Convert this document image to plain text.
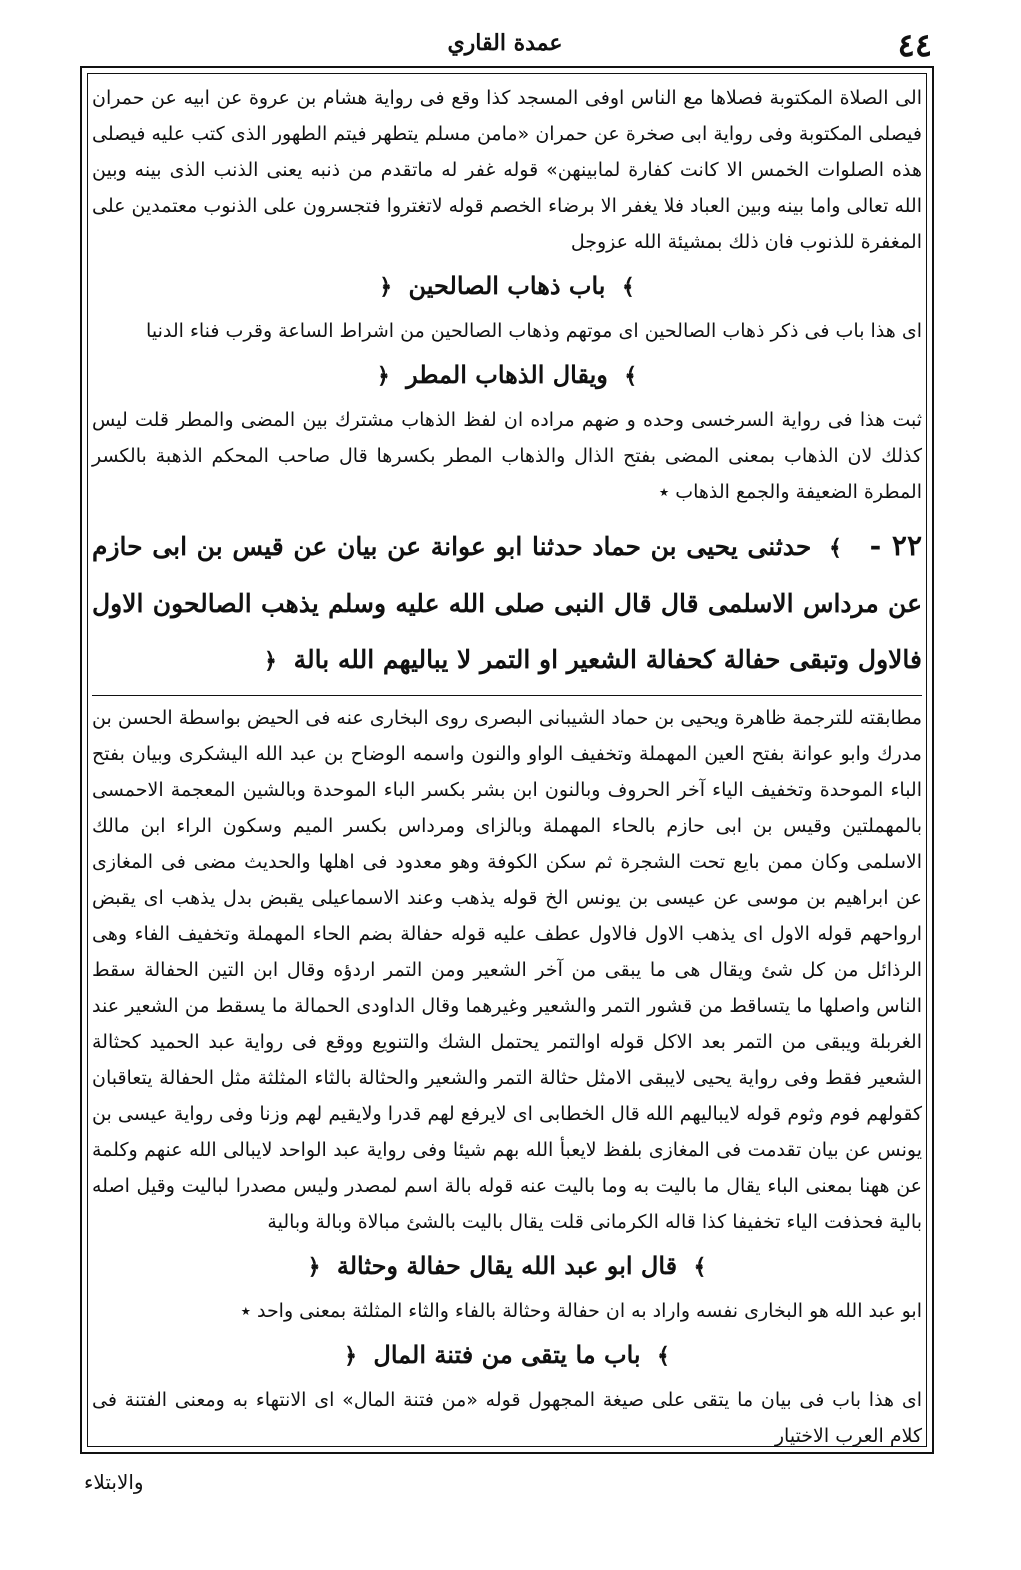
عمدة القاري	٤٤

الى الصلاة المكتوبة فصلاها مع الناس اوفى المسجد كذا وقع فى رواية هشام بن عروة عن ابيه عن حمران فيصلى المكتوبة وفى رواية ابى صخرة عن حمران «مامن مسلم يتطهر فيتم الطهور الذى كتب عليه فيصلى هذه الصلوات الخمس الا كانت كفارة لمابينهن» قوله غفر له ماتقدم من ذنبه يعنى الذنب الذى بينه وبين الله تعالى واما بينه وبين العباد فلا يغفر الا برضاء الخصم قوله لاتغتروا فتجسرون على الذنوب معتمدين على المغفرة للذنوب فان ذلك بمشيئة الله عزوجل

﴾ باب ذهاب الصالحين ﴿

اى هذا باب فى ذكر ذهاب الصالحين اى موتهم وذهاب الصالحين من اشراط الساعة وقرب فناء الدنيا

﴾ ويقال الذهاب المطر ﴿

ثبت هذا فى رواية السرخسى وحده و ضهم مراده ان لفظ الذهاب مشترك بين المضى والمطر قلت ليس كذلك لان الذهاب بمعنى المضى بفتح الذال والذهاب المطر بكسرها قال صاحب المحكم الذهبة بالكسر المطرة الضعيفة والجمع الذهاب ٭

٢٢ - ﴾ حدثنى يحيى بن حماد حدثنا ابو عوانة عن بيان عن قيس بن ابى حازم عن مرداس الاسلمى قال قال النبى صلى الله عليه وسلم يذهب الصالحون الاول فالاول وتبقى حفالة كحفالة الشعير او التمر لا يباليهم الله بالة ﴿

مطابقته للترجمة ظاهرة ويحيى بن حماد الشيبانى البصرى روى البخارى عنه فى الحيض بواسطة الحسن بن مدرك وابو عوانة بفتح العين المهملة وتخفيف الواو والنون واسمه الوضاح بن عبد الله اليشكرى وبيان بفتح الباء الموحدة وتخفيف الياء آخر الحروف وبالنون ابن بشر بكسر الباء الموحدة وبالشين المعجمة الاحمسى بالمهملتين وقيس بن ابى حازم بالحاء المهملة وبالزاى ومرداس بكسر الميم وسكون الراء ابن مالك الاسلمى وكان ممن بايع تحت الشجرة ثم سكن الكوفة وهو معدود فى اهلها والحديث مضى فى المغازى عن ابراهيم بن موسى عن عيسى بن يونس الخ قوله يذهب وعند الاسماعيلى يقبض بدل يذهب اى يقبض ارواحهم قوله الاول اى يذهب الاول فالاول عطف عليه قوله حفالة بضم الحاء المهملة وتخفيف الفاء وهى الرذائل من كل شئ ويقال هى ما يبقى من آخر الشعير ومن التمر اردؤه وقال ابن التين الحفالة سقط الناس واصلها ما يتساقط من قشور التمر والشعير وغيرهما وقال الداودى الحمالة ما يسقط من الشعير عند الغربلة ويبقى من التمر بعد الاكل قوله اوالتمر يحتمل الشك والتنويع ووقع فى رواية عبد الحميد كحثالة الشعير فقط وفى رواية يحيى لايبقى الامثل حثالة التمر والشعير والحثالة بالثاء المثلثة مثل الحفالة يتعاقبان كقولهم فوم وثوم قوله لايباليهم الله قال الخطابى اى لايرفع لهم قدرا ولايقيم لهم وزنا وفى رواية عيسى بن يونس عن بيان تقدمت فى المغازى بلفظ لايعبأ الله بهم شيئا وفى رواية عبد الواحد لايبالى الله عنهم وكلمة عن ههنا بمعنى الباء يقال ما باليت به وما باليت عنه قوله بالة اسم لمصدر وليس مصدرا لباليت وقيل اصله بالية فحذفت الياء تخفيفا كذا قاله الكرمانى قلت يقال باليت بالشئ مبالاة وبالة وبالية

﴾ قال ابو عبد الله يقال حفالة وحثالة ﴿

ابو عبد الله هو البخارى نفسه واراد به ان حفالة وحثالة بالفاء والثاء المثلثة بمعنى واحد ٭

﴾ باب ما يتقى من فتنة المال ﴿

اى هذا باب فى بيان ما يتقى على صيغة المجهول قوله «من فتنة المال» اى الانتهاء به ومعنى الفتنة فى كلام العرب الاختيار

والابتلاء
